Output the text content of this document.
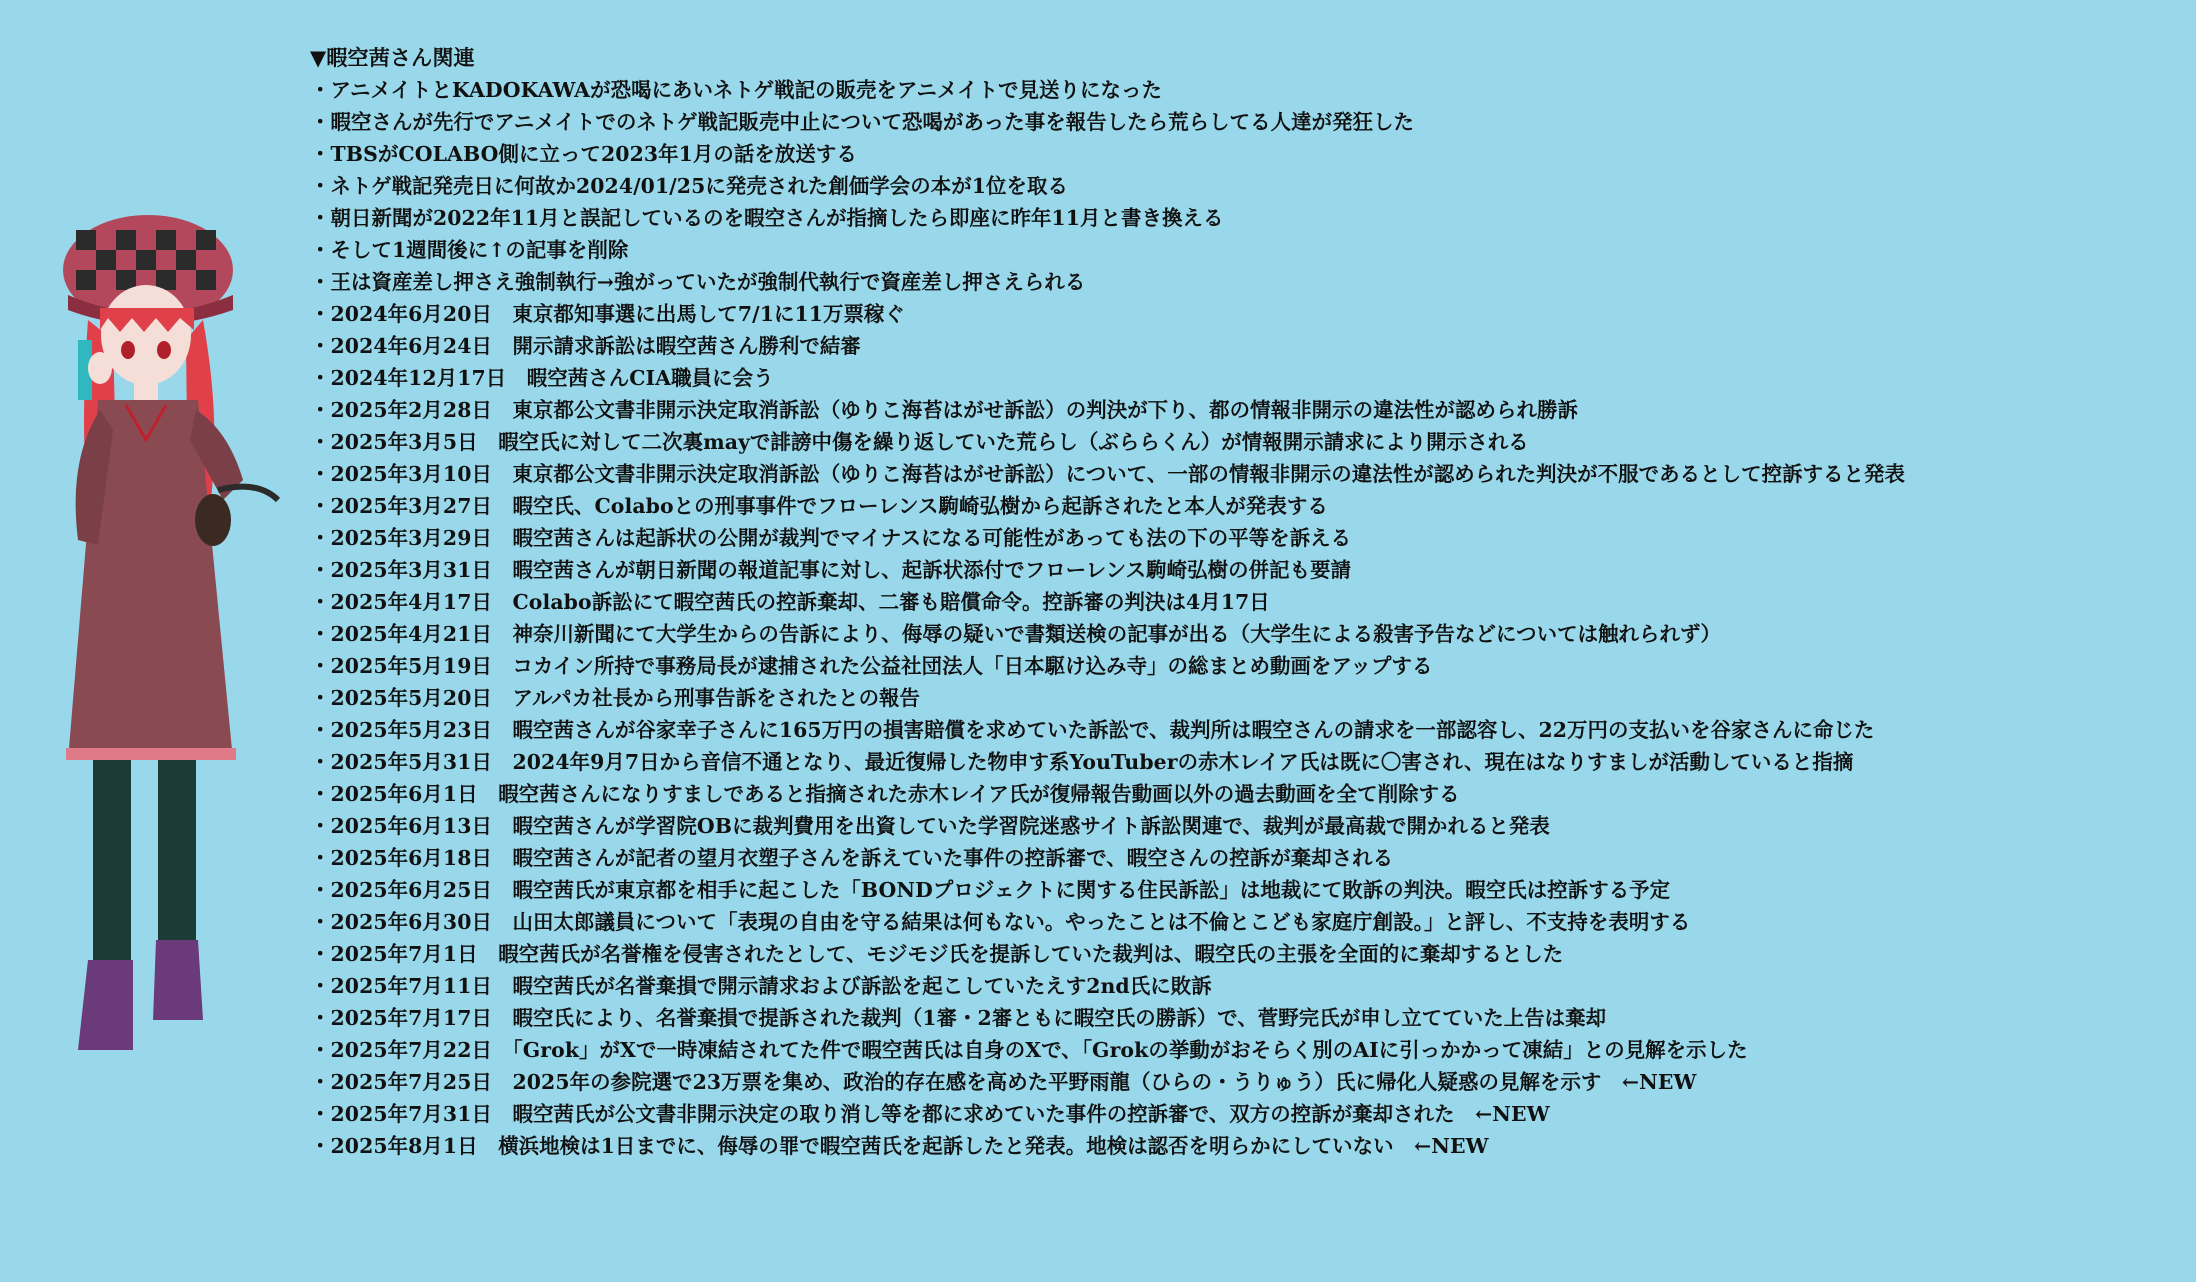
▼暇空茜さん関連
・アニメイトとKADOKAWAが恐喝にあいネトゲ戦記の販売をアニメイトで見送りになった
・暇空さんが先行でアニメイトでのネトゲ戦記販売中止について恐喝があった事を報告したら荒らしてる人達が発狂した
・TBSがCOLABO側に立って2023年1月の話を放送する
・ネトゲ戦記発売日に何故か2024/01/25に発売された創価学会の本が1位を取る
・朝日新聞が2022年11月と誤記しているのを暇空さんが指摘したら即座に昨年11月と書き換える
・そして1週間後に↑の記事を削除
・王は資産差し押さえ強制執行→強がっていたが強制代執行で資産差し押さえられる
・2024年6月20日　東京都知事選に出馬して7/1に11万票稼ぐ
・2024年6月24日　開示請求訴訟は暇空茜さん勝利で結審
・2024年12月17日　暇空茜さんCIA職員に会う
・2025年2月28日　東京都公文書非開示決定取消訴訟（ゆりこ海苔はがせ訴訟）の判決が下り、都の情報非開示の違法性が認められ勝訴
・2025年3月5日　暇空氏に対して二次裏mayで誹謗中傷を繰り返していた荒らし（ぶららくん）が情報開示請求により開示される
・2025年3月10日　東京都公文書非開示決定取消訴訟（ゆりこ海苔はがせ訴訟）について、一部の情報非開示の違法性が認められた判決が不服であるとして控訴すると発表
・2025年3月27日　暇空氏、Colaboとの刑事事件でフローレンス駒崎弘樹から起訴されたと本人が発表する
・2025年3月29日　暇空茜さんは起訴状の公開が裁判でマイナスになる可能性があっても法の下の平等を訴える
・2025年3月31日　暇空茜さんが朝日新聞の報道記事に対し、起訴状添付でフローレンス駒崎弘樹の併記も要請
・2025年4月17日　Colabo訴訟にて暇空茜氏の控訴棄却、二審も賠償命令。控訴審の判決は4月17日
・2025年4月21日　神奈川新聞にて大学生からの告訴により、侮辱の疑いで書類送検の記事が出る（大学生による殺害予告などについては触れられず）
・2025年5月19日　コカイン所持で事務局長が逮捕された公益社団法人「日本駆け込み寺」の総まとめ動画をアップする
・2025年5月20日　アルパカ社長から刑事告訴をされたとの報告
・2025年5月23日　暇空茜さんが谷家幸子さんに165万円の損害賠償を求めていた訴訟で、裁判所は暇空さんの請求を一部認容し、22万円の支払いを谷家さんに命じた
・2025年5月31日　2024年9月7日から音信不通となり、最近復帰した物申す系YouTuberの赤木レイア氏は既に〇害され、現在はなりすましが活動していると指摘
・2025年6月1日　暇空茜さんになりすましであると指摘された赤木レイア氏が復帰報告動画以外の過去動画を全て削除する
・2025年6月13日　暇空茜さんが学習院OBに裁判費用を出資していた学習院迷惑サイト訴訟関連で、裁判が最高裁で開かれると発表
・2025年6月18日　暇空茜さんが記者の望月衣塑子さんを訴えていた事件の控訴審で、暇空さんの控訴が棄却される
・2025年6月25日　暇空茜氏が東京都を相手に起こした「BONDプロジェクトに関する住民訴訟」は地裁にて敗訴の判決。暇空氏は控訴する予定
・2025年6月30日　山田太郎議員について「表現の自由を守る結果は何もない。やったことは不倫とこども家庭庁創設。」と評し、不支持を表明する
・2025年7月1日　暇空茜氏が名誉権を侵害されたとして、モジモジ氏を提訴していた裁判は、暇空氏の主張を全面的に棄却するとした
・2025年7月11日　暇空茜氏が名誉棄損で開示請求および訴訟を起こしていたえす2nd氏に敗訴
・2025年7月17日　暇空氏により、名誉棄損で提訴された裁判（1審・2審ともに暇空氏の勝訴）で、菅野完氏が申し立てていた上告は棄却
・2025年7月22日　「Grok」がXで一時凍結されてた件で暇空茜氏は自身のXで、「Grokの挙動がおそらく別のAIに引っかかって凍結」との見解を示した
・2025年7月25日　2025年の参院選で23万票を集め、政治的存在感を高めた平野雨龍（ひらの・うりゅう）氏に帰化人疑惑の見解を示す　←NEW
・2025年7月31日　暇空茜氏が公文書非開示決定の取り消し等を都に求めていた事件の控訴審で、双方の控訴が棄却された　←NEW
・2025年8月1日　横浜地検は1日までに、侮辱の罪で暇空茜氏を起訴したと発表。地検は認否を明らかにしていない　←NEW
